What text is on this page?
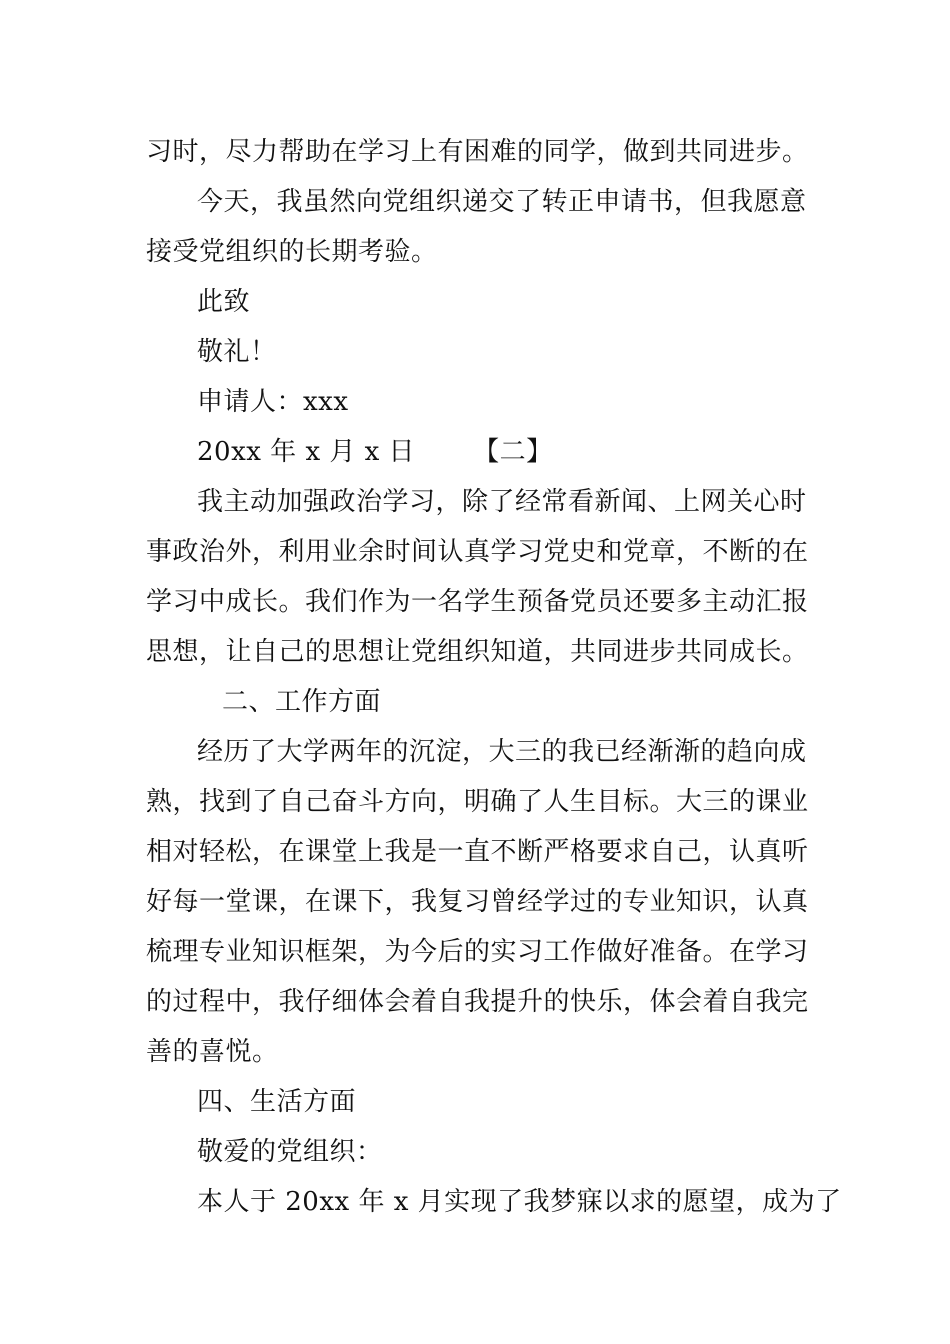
习时，尽力帮助在学习上有困难的同学，做到共同进步。
今天，我虽然向党组织递交了转正申请书，但我愿意
接受党组织的长期考验。
此致
敬礼！
申请人：xxx
20xx 年 x 月 x 日 【二】
我主动加强政治学习，除了经常看新闻、上网关心时
事政治外，利用业余时间认真学习党史和党章，不断的在
学习中成长。我们作为一名学生预备党员还要多主动汇报
思想，让自己的思想让党组织知道，共同进步共同成长。
二、工作方面
经历了大学两年的沉淀，大三的我已经渐渐的趋向成
熟，找到了自己奋斗方向，明确了人生目标。大三的课业
相对轻松，在课堂上我是一直不断严格要求自己，认真听
好每一堂课，在课下，我复习曾经学过的专业知识，认真
梳理专业知识框架，为今后的实习工作做好准备。在学习
的过程中，我仔细体会着自我提升的快乐，体会着自我完
善的喜悦。
四、生活方面
敬爱的党组织：
本人于 20xx 年 x 月实现了我梦寐以求的愿望，成为了
